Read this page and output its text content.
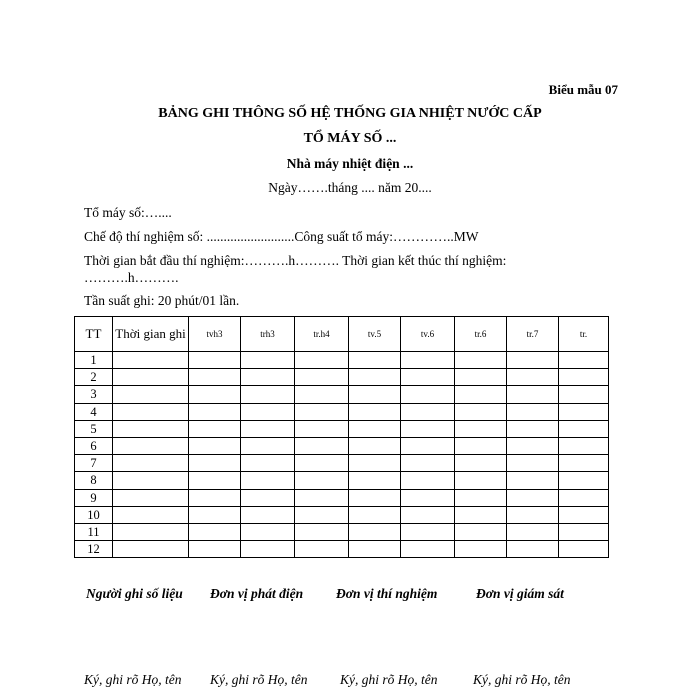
Biểu mẫu 07
BẢNG GHI THÔNG SỐ HỆ THỐNG GIA NHIỆT NƯỚC CẤP
TỔ MÁY SỐ ...
Nhà máy nhiệt điện ...
Ngày…….tháng .... năm 20....
Tổ máy số:…....
Chế độ thí nghiệm số: ..........................Công suất tổ máy:…………..MW
Thời gian bắt đầu thí nghiệm:……….h………. Thời gian kết thúc thí nghiệm:
……….h……….
Tần suất ghi: 20 phút/01 lần.
TT	Thời gian ghi	tvh3	trh3	tr.h4	tv.5	tv.6	tr.6	tr.7	tr.
1									
2									
3									
4									
5									
6									
7									
8									
9									
10									
11									
12									
Người ghi số liệu Đơn vị phát điện Đơn vị thí nghiệm	Đơn vị giám sát
Ký, ghi rõ Họ, tên Ký, ghi rõ Họ, tên Ký, ghi rõ Họ, tên	Ký, ghi rõ Họ, tên
